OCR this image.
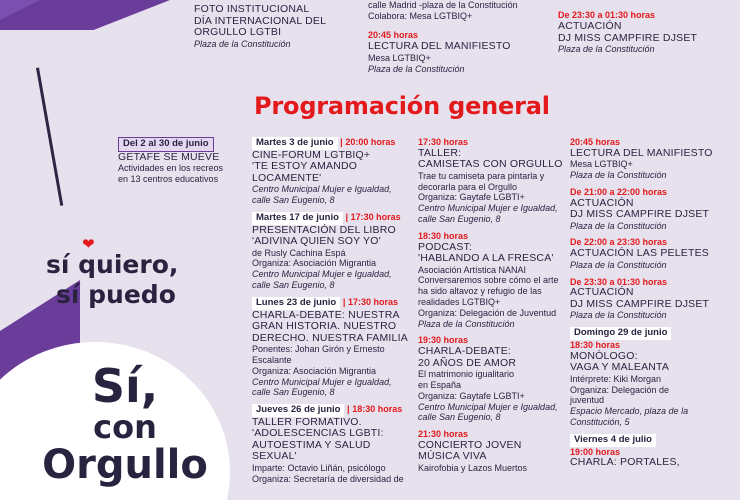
FOTO INSTITUCIONAL
DÍA INTERNACIONAL DEL
ORGULLO LGTBI
Plaza de la Constitución
calle Madrid -plaza de la Constitución
Colabora: Mesa LGTBIQ+
20:45 horas
LECTURA DEL MANIFIESTO
Mesa LGTBIQ+
Plaza de la Constitución
De 23:30 a 01:30 horas
ACTUACIÓN
DJ MISS CAMPFIRE DJSET
Plaza de la Constitución
Programación general
❤
sí quiero,
sí puedo
Sí,
con
Orgullo
Del 2 al 30 de junio
GETAFE SE MUEVE
Actividades en los recreos
en 13 centros educativos
Martes 3 de junio | 20:00 horas
CINE-FORUM LGTBIQ+
'TE ESTOY AMANDO LOCAMENTE'
Centro Municipal Mujer e Igualdad,
calle San Eugenio, 8
Martes 17 de junio | 17:30 horas
PRESENTACIÓN DEL LIBRO
'ADIVINA QUIEN SOY YO'
de Rusly Cachina Espá
Organiza: Asociación Migrantia
Centro Municipal Mujer e Igualdad,
calle San Eugenio, 8
Lunes 23 de junio | 17:30 horas
CHARLA-DEBATE: NUESTRA
GRAN HISTORIA. NUESTRO
DERECHO. NUESTRA FAMILIA
Ponentes: Johan Girón y Ernesto
Escalante
Organiza: Asociación Migrantia
Centro Municipal Mujer e Igualdad,
calle San Eugenio, 8
Jueves 26 de junio | 18:30 horas
TALLER FORMATIVO.
'ADOLESCENCIAS LGBTI:
AUTOESTIMA Y SALUD SEXUAL'
Imparte: Octavio Liñán, psicólogo
Organiza: Secretaría de diversidad de
17:30 horas
TALLER:
CAMISETAS CON ORGULLO
Trae tu camiseta para pintarla y
decorarla para el Orgullo
Organiza: Gaytafe LGBTI+
Centro Municipal Mujer e Igualdad,
calle San Eugenio, 8
18:30 horas
PODCAST:
'HABLANDO A LA FRESCA'
Asociación Artística NANAI
Conversaremos sobre cómo el arte
ha sido altavoz y refugio de las
realidades LGTBIQ+
Organiza: Delegación de Juventud
Plaza de la Constitución
19:30 horas
CHARLA-DEBATE:
20 AÑOS DE AMOR
El matrimonio igualitario
en España
Organiza: Gaytafe LGBTI+
Centro Municipal Mujer e Igualdad,
calle San Eugenio, 8
21:30 horas
CONCIERTO JOVEN
MÚSICA VIVA
Kairofobia y Lazos Muertos
20:45 horas
LECTURA DEL MANIFIESTO
Mesa LGTBIQ+
Plaza de la Constitución
De 21:00 a 22:00 horas
ACTUACIÓN
DJ MISS CAMPFIRE DJSET
Plaza de la Constitución
De 22:00 a 23:30 horas
ACTUACIÓN LAS PELETES
Plaza de la Constitución
De 23:30 a 01:30 horas
ACTUACIÓN
DJ MISS CAMPFIRE DJSET
Plaza de la Constitución
Domingo 29 de junio
18:30 horas
MONÓLOGO:
VAGA Y MALEANTA
Intérprete: Kiki Morgan
Organiza: Delegación de
juventud
Espacio Mercado, plaza de la
Constitución, 5
Viernes 4 de julio
19:00 horas
CHARLA: PORTALES,
